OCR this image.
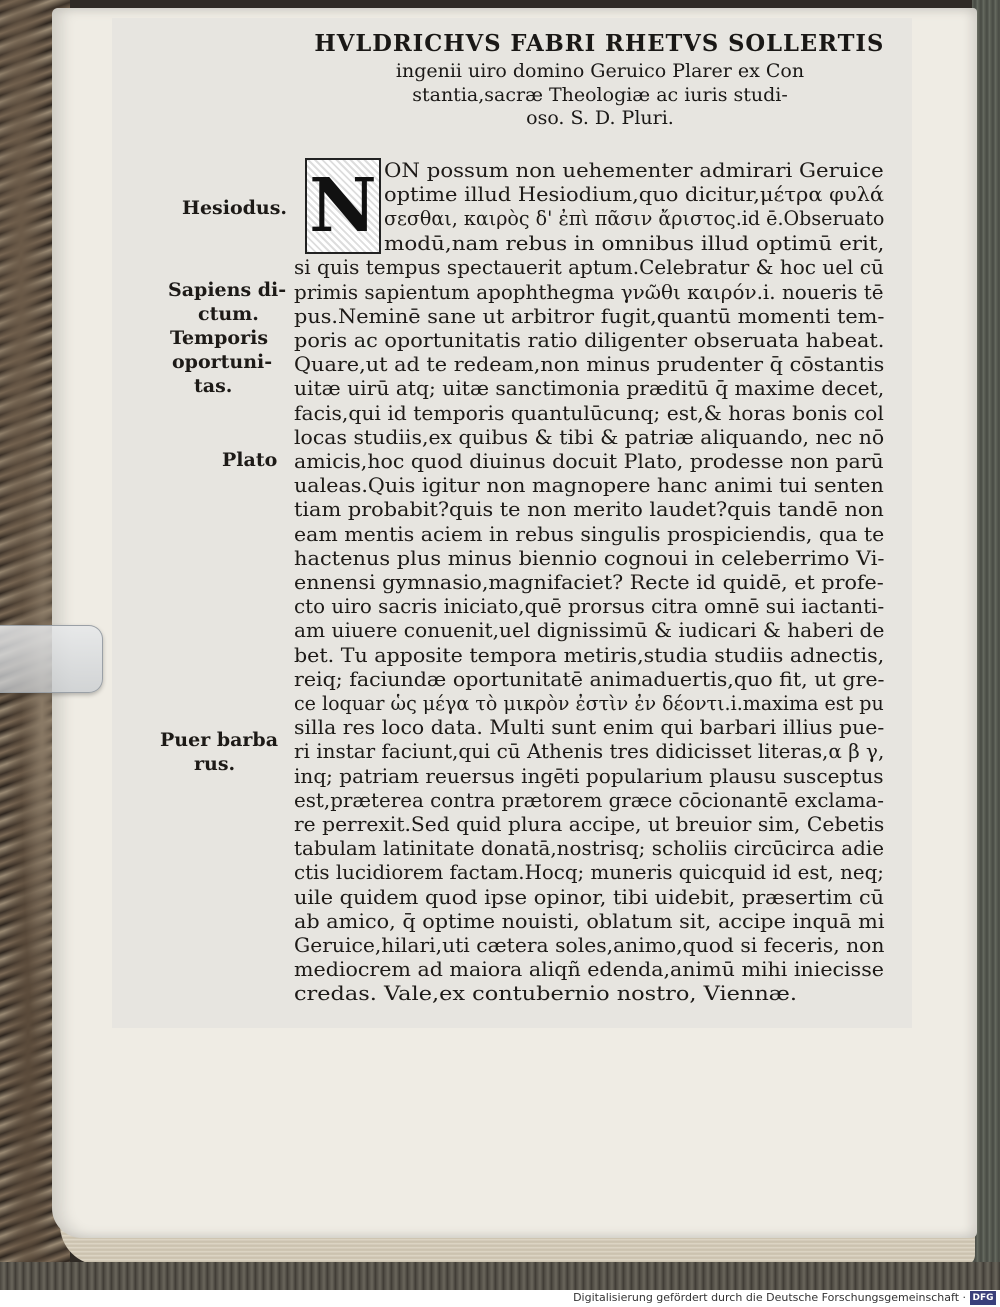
HVLDRICHVS FABRI RHETVS SOLLERTIS
ingenii uiro domino Geruico Plarer ex Con
stantia,sacræ Theologiæ ac iuris studi-
oso. S. D. Pluri.
N ON possum non uehementer admirari Geruice
optime illud Hesiodium,quo dicitur,μέτρα φυλά
σεσθαι, καιρὸς δ' ἐπὶ πᾶσιν ἄριστος.id ē.Obseruato
modū,nam rebus in omnibus illud optimū erit,
si quis tempus spectauerit aptum.Celebratur & hoc uel cū
primis sapientum apophthegma γνῶθι καιρόν.i. noueris tē
pus.Neminē sane ut arbitror fugit,quantū momenti tem-
poris ac oportunitatis ratio diligenter obseruata habeat.
Quare,ut ad te redeam,non minus prudenter q̄ cōstantis
uitæ uirū atq; uitæ sanctimonia præditū q̄ maxime decet,
facis,qui id temporis quantulūcunq; est,& horas bonis col
locas studiis,ex quibus & tibi & patriæ aliquando, nec nō
amicis,hoc quod diuinus docuit Plato, prodesse non parū
ualeas.Quis igitur non magnopere hanc animi tui senten
tiam probabit?quis te non merito laudet?quis tandē non
eam mentis aciem in rebus singulis prospiciendis, qua te
hactenus plus minus biennio cognoui in celeberrimo Vi-
ennensi gymnasio,magnifaciet? Recte id quidē, et profe-
cto uiro sacris iniciato,quē prorsus citra omnē sui iactanti-
am uiuere conuenit,uel dignissimū & iudicari & haberi de
bet. Tu apposite tempora metiris,studia studiis adnectis,
reiq; faciundæ oportunitatē animaduertis,quo fit, ut gre-
ce loquar ὡς μέγα τὸ μικρὸν ἐστὶν ἐν δέοντι.i.maxima est pu
silla res loco data. Multi sunt enim qui barbari illius pue-
ri instar faciunt,qui cū Athenis tres didicisset literas,α β γ,
inq; patriam reuersus ingēti popularium plausu susceptus
est,præterea contra prætorem græce cōcionantē exclama-
re perrexit.Sed quid plura accipe, ut breuior sim, Cebetis
tabulam latinitate donatā,nostrisq; scholiis circūcirca adie
ctis lucidiorem factam.Hocq; muneris quicquid id est, neq;
uile quidem quod ipse opinor, tibi uidebit, præsertim cū
ab amico, q̄ optime nouisti, oblatum sit, accipe inquā mi
Geruice,hilari,uti cætera soles,animo,quod si feceris, non
mediocrem ad maiora aliqñ edenda,animū mihi iniecisse
credas. Vale,ex contubernio nostro, Viennæ.
Hesiodus.
Sapiens di-
ctum.
Temporis
oportuni-
tas.
Plato
Puer barba
rus.
Digitalisierung gefördert durch die Deutsche Forschungsgemeinschaft · DFG
